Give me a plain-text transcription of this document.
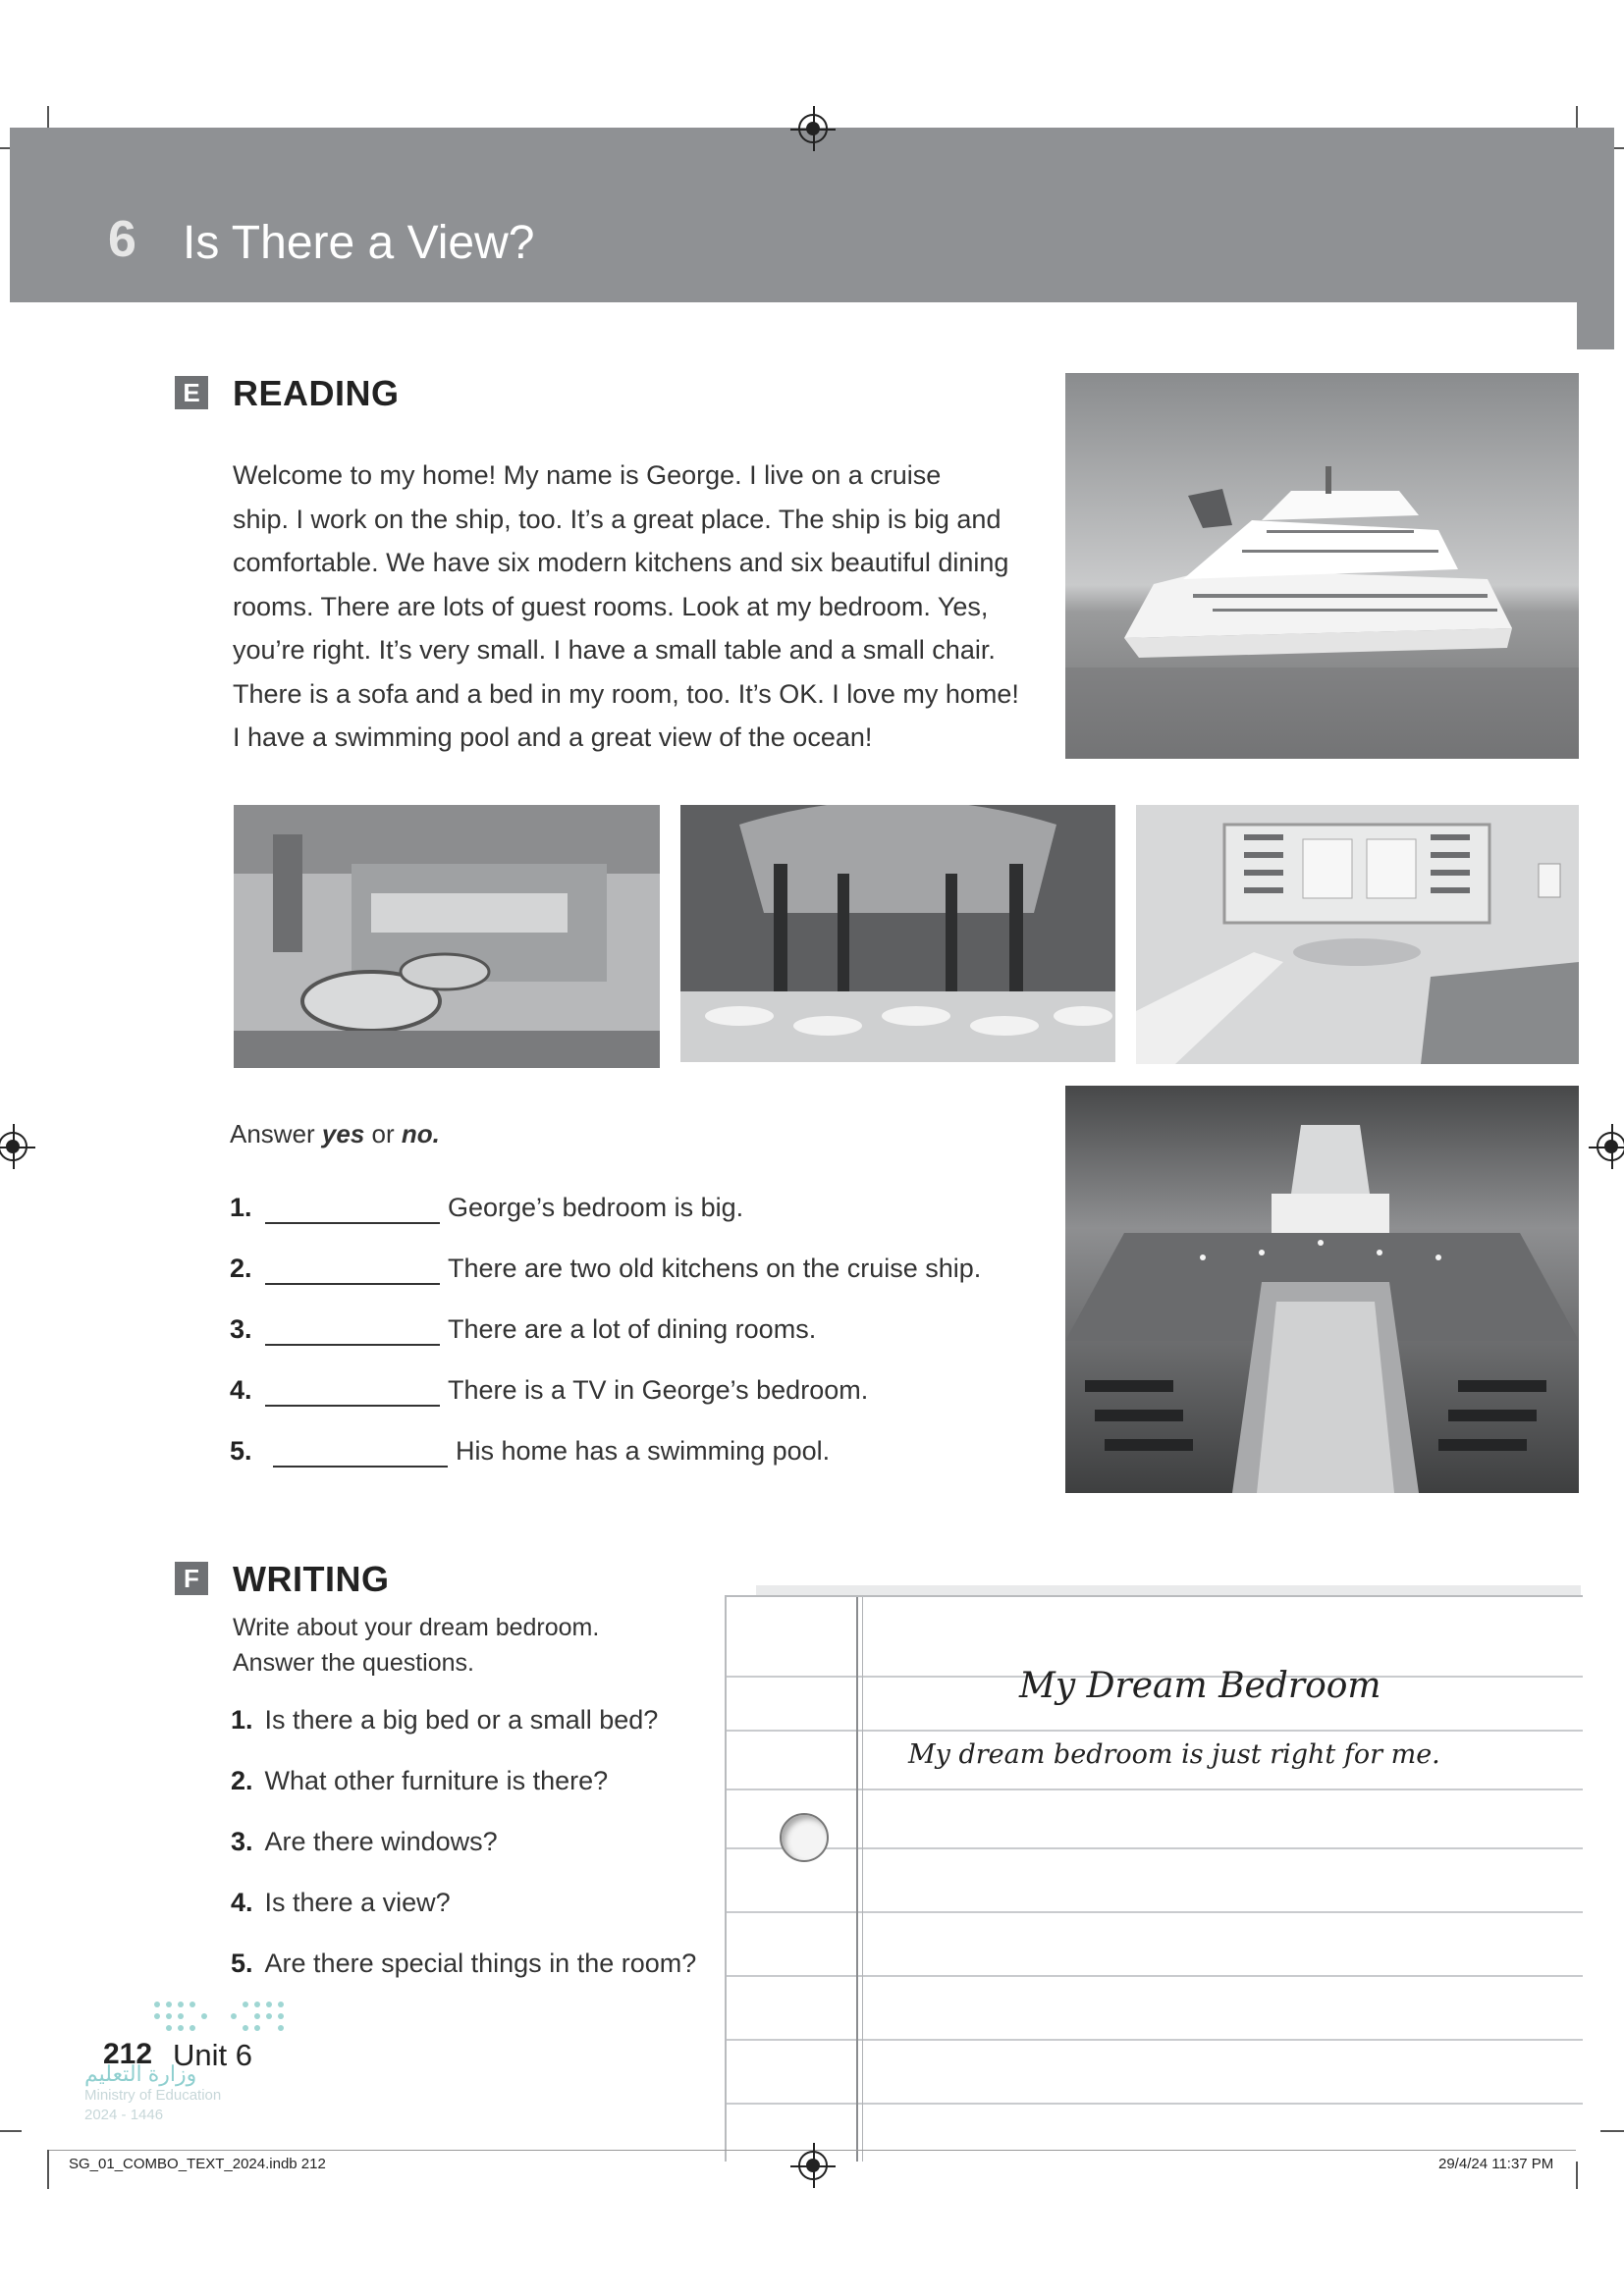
6 Is There a View?
E READING
Welcome to my home! My name is George. I live on a cruise
ship. I work on the ship, too. It’s a great place. The ship is big and
comfortable. We have six modern kitchens and six beautiful dining
rooms. There are lots of guest rooms. Look at my bedroom. Yes,
you’re right. It’s very small. I have a small table and a small chair.
There is a sofa and a bed in my room, too. It’s OK. I love my home!
I have a swimming pool and a great view of the ocean!
Answer yes or no.
1.	George’s bedroom is big.
2.	There are two old kitchens on the cruise ship.
3.	There are a lot of dining rooms.
4.	There is a TV in George’s bedroom.
5.	His home has a swimming pool.
F WRITING
Write about your dream bedroom.
Answer the questions.
1. Is there a big bed or a small bed?
2. What other furniture is there?
3. Are there windows?
4. Is there a view?
5. Are there special things in the room?
My Dream Bedroom
My dream bedroom is just right for me.
212 Unit 6
وزارة التعليم
Ministry of Education
2024 - 1446
SG_01_COMBO_TEXT_2024.indb 212	29/4/24 11:37 PM
